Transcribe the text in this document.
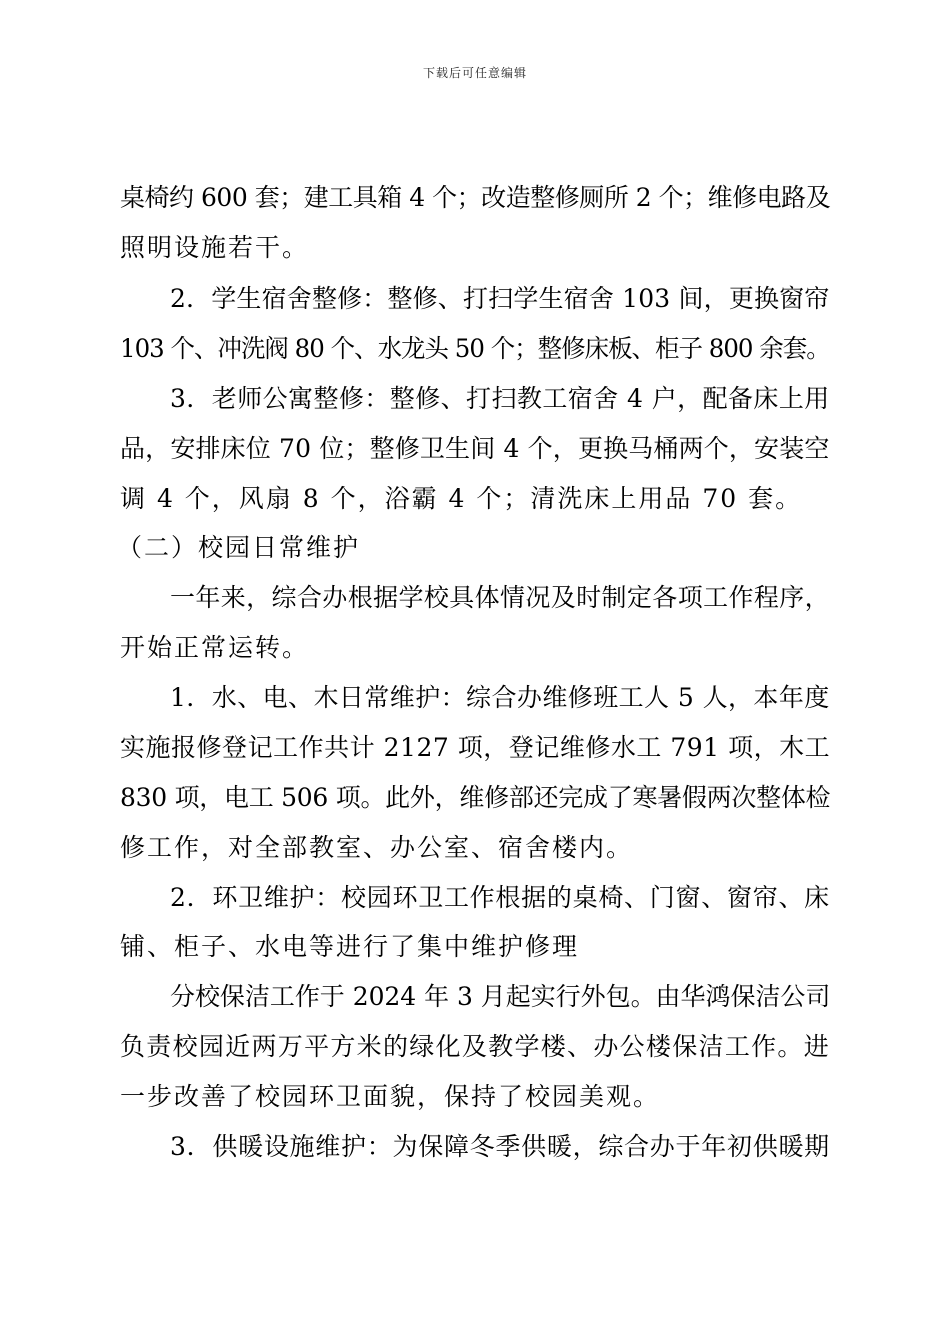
下载后可任意编辑
桌椅约 600 套；建工具箱 4 个；改造整修厕所 2 个；维修电路及
照明设施若干。
2．学生宿舍整修：整修、打扫学生宿舍 103 间，更换窗帘
103 个、冲洗阀 80 个、水龙头 50 个；整修床板、柜子 800 余套。
3．老师公寓整修：整修、打扫教工宿舍 4 户，配备床上用
品，安排床位 70 位；整修卫生间 4 个，更换马桶两个，安装空
调 4 个，风扇 8 个，浴霸 4 个；清洗床上用品 70 套。
（二）校园日常维护
一年来，综合办根据学校具体情况及时制定各项工作程序，
开始正常运转。
1．水、电、木日常维护：综合办维修班工人 5 人，本年度
实施报修登记工作共计 2127 项，登记维修水工 791 项，木工
830 项，电工 506 项。此外，维修部还完成了寒暑假两次整体检
修工作，对全部教室、办公室、宿舍楼内。
2．环卫维护：校园环卫工作根据的桌椅、门窗、窗帘、床
铺、柜子、水电等进行了集中维护修理
分校保洁工作于 2024 年 3 月起实行外包。由华鸿保洁公司
负责校园近两万平方米的绿化及教学楼、办公楼保洁工作。进
一步改善了校园环卫面貌，保持了校园美观。
3．供暖设施维护：为保障冬季供暖，综合办于年初供暖期
